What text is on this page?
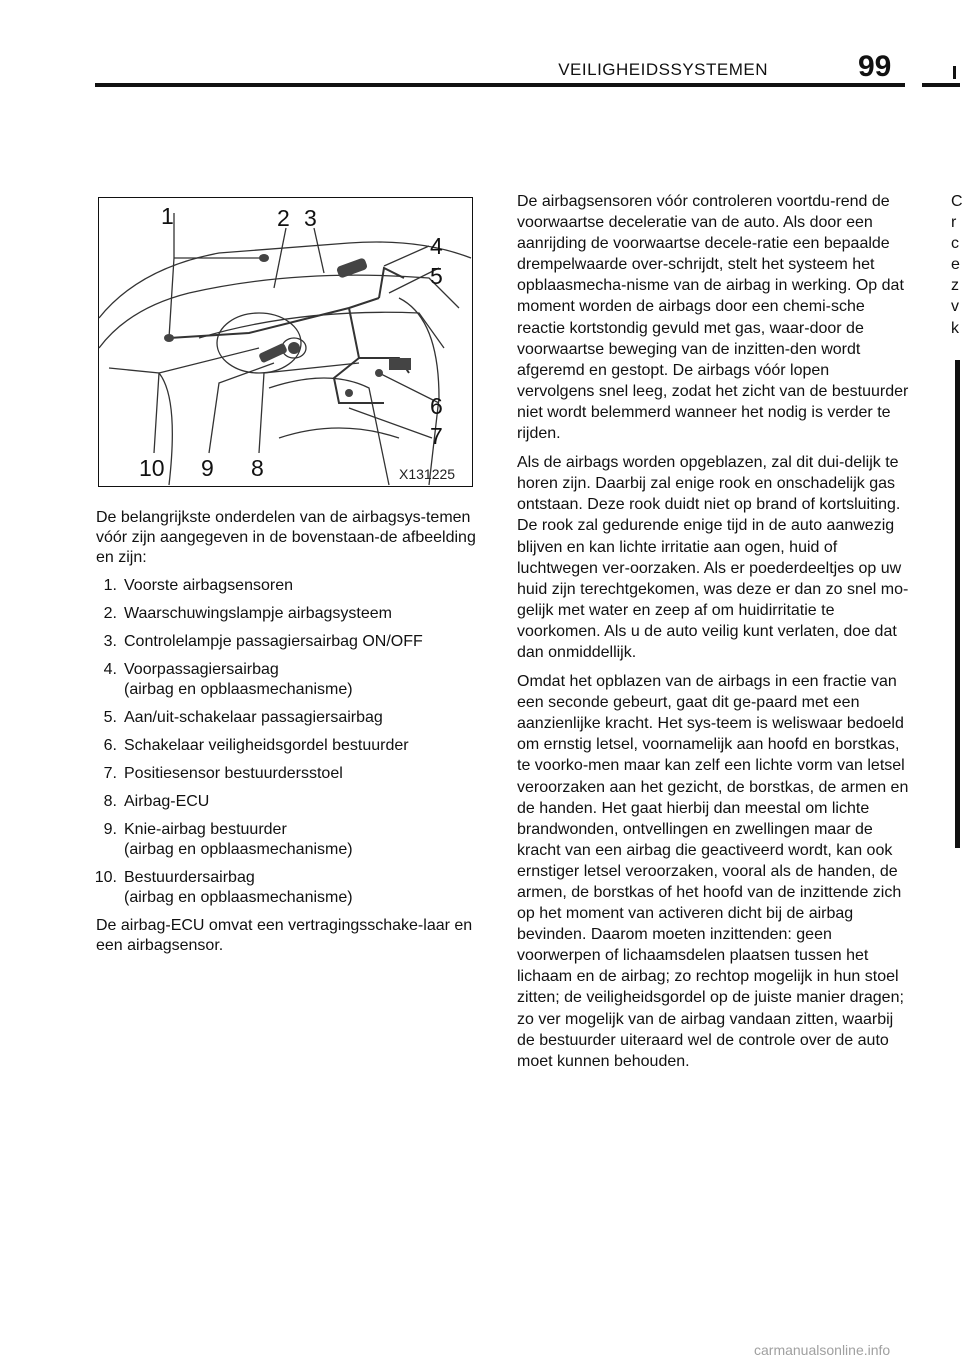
VEILIGHEIDSSYSTEMEN	99
1	2 3
4
5
6
7
8
9
10	X131225

De belangrijkste onderdelen van de airbagsys-temen vóór zijn aangegeven in de bovenstaan-de afbeelding en zijn:

1. Voorste airbagsensoren
2. Waarschuwingslampje airbagsysteem
3. Controlelampje passagiersairbag ON/OFF
4. Voorpassagiersairbag
(airbag en opblaasmechanisme)
5. Aan/uit-schakelaar passagiersairbag
6. Schakelaar veiligheidsgordel bestuurder
7. Positiesensor bestuurdersstoel
8. Airbag-ECU
9. Knie-airbag bestuurder
(airbag en opblaasmechanisme)
10. Bestuurdersairbag
(airbag en opblaasmechanisme)

De airbag-ECU omvat een vertragingsschake-laar en een airbagsensor.

De airbagsensoren vóór controleren voortdu-rend de voorwaartse deceleratie van de auto. Als door een aanrijding de voorwaartse decele-ratie een bepaalde drempelwaarde over-schrijdt, stelt het systeem het opblaasmecha-nisme van de airbag in werking. Op dat moment worden de airbags door een chemi-sche reactie kortstondig gevuld met gas, waar-door de voorwaartse beweging van de inzitten-den wordt afgeremd en gestopt. De airbags vóór lopen vervolgens snel leeg, zodat het zicht van de bestuurder niet wordt belemmerd wanneer het nodig is verder te rijden.

Als de airbags worden opgeblazen, zal dit dui-delijk te horen zijn. Daarbij zal enige rook en onschadelijk gas ontstaan. Deze rook duidt niet op brand of kortsluiting. De rook zal gedurende enige tijd in de auto aanwezig blijven en kan lichte irritatie aan ogen, huid of luchtwegen ver-oorzaken. Als er poederdeeltjes op uw huid zijn terechtgekomen, was deze er dan zo snel mo-gelijk met water en zeep af om huidirritatie te voorkomen. Als u de auto veilig kunt verlaten, doe dat dan onmiddellijk.

Omdat het opblazen van de airbags in een fractie van een seconde gebeurt, gaat dit ge-paard met een aanzienlijke kracht. Het sys-teem is weliswaar bedoeld om ernstig letsel, voornamelijk aan hoofd en borstkas, te voorko-men maar kan zelf een lichte vorm van letsel veroorzaken aan het gezicht, de borstkas, de armen en de handen. Het gaat hierbij dan meestal om lichte brandwonden, ontvellingen en zwellingen maar de kracht van een airbag die geactiveerd wordt, kan ook ernstiger letsel veroorzaken, vooral als de handen, de armen, de borstkas of het hoofd van de inzittende zich op het moment van activeren dicht bij de airbag bevinden. Daarom moeten inzittenden: geen voorwerpen of lichaamsdelen plaatsen tussen het lichaam en de airbag; zo rechtop mogelijk in hun stoel zitten; de veiligheidsgordel op de juiste manier dragen; zo ver mogelijk van de airbag vandaan zitten, waarbij de bestuurder uiteraard wel de controle over de auto moet kunnen behouden.

C
r
c
e
z
v
k
carmanualsonline.info
